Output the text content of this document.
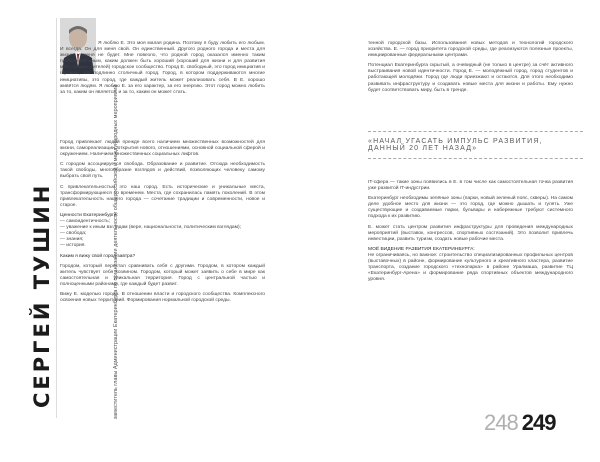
СЕРГЕЙ ТУШИН	заместитель главы Администрации Екатеринбурга по организации деятельности общероссийской и международных мероприятий

Я люблю Е. Это моя малая родина. Поэтому я буду любить его любым. И всегда. Он для меня свой. Он единственный. Другого родного города и места для жизни у меня не будет. Мне повезло, что родной город оказался именно таким привлекательным, каким должен быть хороший (хороший для жизни и для развития мест, семьи, жителей) городское сообщество. Город Е. свободный, это город инициатив и горожан, это подлинно столичный город. Город, в котором поддерживаются многие инициативы, это город, где каждый житель может реализовать себя. В Е. хорошо живётся людям. Я люблю Е. за его характер, за его энергию. Этот город можно любить за то, каким он является, и за то, каким он может стать.

Город привлекает людей прежде всего наличием множественных возможностей для жизни, самореализации, открытия нового, отношениями, основной социальной сферой и окружением. Наличием множественных социальных лифтов.

С городом ассоциируется свобода. Образование и развитие. Отсюда необходимость такой свободы, многообразие взглядов и действий, позволяющих человеку самому выбрать свой путь.

С привлекательностью это наш город. Есть исторические и уникальные места, трансформирующиеся со временем. Места, где сохранилась память поколений. В этом привлекательность нашего города — сочетание традиции и современности, новое и старое.

Ценности Екатеринбурга:

— самоидентичность;
— уважение к иным взглядам (вере, национальности, политическим взглядам);
— свобода;
— знания;
— история.

Каким я вижу свой город завтра?

Городом, который перестал сравнивать себя с другими. Городом, в котором каждый житель чувствует себя хозяином. Городом, который может заявить о себе в мире как самостоятельная и уникальная территория. Город с центральной частью и полноценными районами, где каждый будет развит.

Вижу Е. моделью города. В отношении власти и городского сообщества. Комплексного освоения новых территорий. Формирования нормальной городской среды.

тенной городской базы. Использования новых методов и технологий городского хозяйства. Е. — город приоритета городской среды, где реализуются полезные проекты, инициированные федеральными центрами.

Потенциал Екатеринбурга скрытый, а очевидный (не только в центре) за счёт активного выстраивания новой идентичности. Город Е. — молодёжный город, город студентов и работающей молодёжи. Город где люди приезжают и остаются. Для этого необходимо развивать инфраструктуру и создавать новые места для жизни и работы. Ему нужно будет соответствовать миру, быть в тренде.

«НАЧАЛ УГАСАТЬ ИМПУЛЬС РАЗВИТИЯ, ДАННЫЙ 20 ЛЕТ НАЗАД»

IT-сфера — такие зоны появились в Е. в том числе как самостоятельная точка развития уже развитой IT-индустрии.

Екатеринбург необходимы зелёные зоны (парки, новый зеленый пояс, скверы). На самом деле удобное место для жизни — это город, где можно дышать и гулять. Уже существующие и создаваемые парки, бульвары и набережные требуют системного подхода к их развитию.

Е. может стать центром развития инфраструктуры для проведения международных мероприятий (выставок, конгрессов, спортивных состязаний). Это позволит привлечь инвестиции, развить туризм, создать новые рабочие места.

МОЁ ВИДЕНИЕ РАЗВИТИЯ ЕКАТЕРИНБУРГА:

Не ограничиваясь, но важное: строительство специализированных профильных центров (выставочных) в районе, формирование культурного и креативного кластера, развитие транспорта, создание городского «технопарка» в районе Уралмаша, развитие ТЦ «Екатеринбург-Арена» и формирование ряда спортивных объектов международного уровня.

248 249
